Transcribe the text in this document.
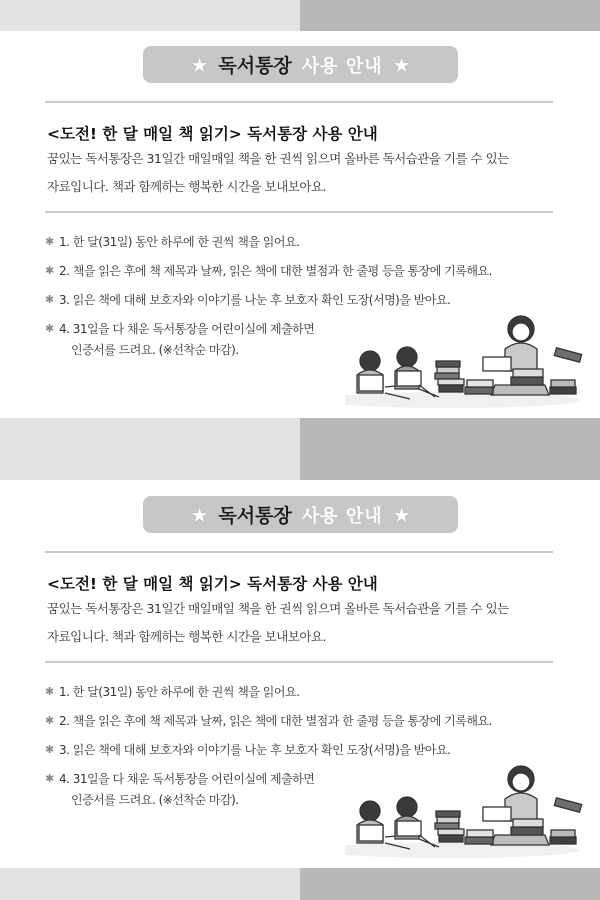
★ 독서통장 사용 안내 ★
<도전! 한 달 매일 책 읽기> 독서통장 사용 안내
꿈있는 독서통장은 31일간 매일매일 책을 한 권씩 읽으며 올바른 독서습관을 기를 수 있는
자료입니다. 책과 함께하는 행복한 시간을 보내보아요.
✱ 1. 한 달(31일) 동안 하루에 한 권씩 책을 읽어요.
✱ 2. 책을 읽은 후에 책 제목과 날짜, 읽은 책에 대한 별점과 한 줄평 등을 통장에 기록해요.
✱ 3. 읽은 책에 대해 보호자와 이야기를 나눈 후 보호자 확인 도장(서명)을 받아요.
✱ 4. 31일을 다 채운 독서통장을 어린이실에 제출하면
인증서를 드려요. (※선착순 마감).
★ 독서통장 사용 안내 ★
<도전! 한 달 매일 책 읽기> 독서통장 사용 안내
꿈있는 독서통장은 31일간 매일매일 책을 한 권씩 읽으며 올바른 독서습관을 기를 수 있는
자료입니다. 책과 함께하는 행복한 시간을 보내보아요.
✱ 1. 한 달(31일) 동안 하루에 한 권씩 책을 읽어요.
✱ 2. 책을 읽은 후에 책 제목과 날짜, 읽은 책에 대한 별점과 한 줄평 등을 통장에 기록해요.
✱ 3. 읽은 책에 대해 보호자와 이야기를 나눈 후 보호자 확인 도장(서명)을 받아요.
✱ 4. 31일을 다 채운 독서통장을 어린이실에 제출하면
인증서를 드려요. (※선착순 마감).
